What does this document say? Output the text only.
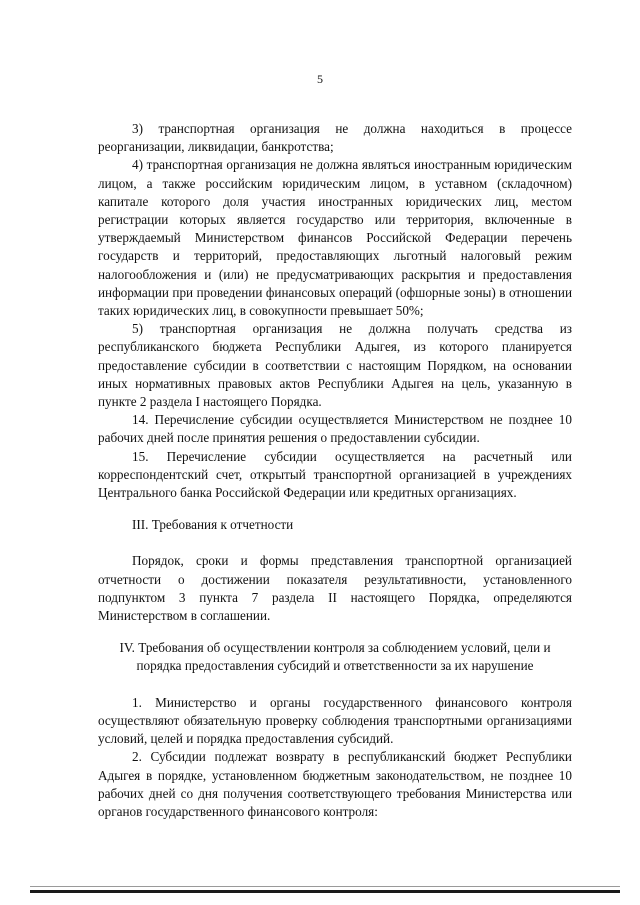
5

3) транспортная организация не должна находиться в процессе реорганизации, ликвидации, банкротства;

4) транспортная организация не должна являться иностранным юридическим лицом, а также российским юридическим лицом, в уставном (складочном) капитале которого доля участия иностранных юридических лиц, местом регистрации которых является государство или территория, включенные в утверждаемый Министерством финансов Российской Федерации перечень государств и территорий, предоставляющих льготный налоговый режим налогообложения и (или) не предусматривающих раскрытия и предоставления информации при проведении финансовых операций (офшорные зоны) в отношении таких юридических лиц, в совокупности превышает 50%;

5) транспортная организация не должна получать средства из республиканского бюджета Республики Адыгея, из которого планируется предоставление субсидии в соответствии с настоящим Порядком, на основании иных нормативных правовых актов Республики Адыгея на цель, указанную в пункте 2 раздела I настоящего Порядка.

14. Перечисление субсидии осуществляется Министерством не позднее 10 рабочих дней после принятия решения о предоставлении субсидии.

15. Перечисление субсидии осуществляется на расчетный или корреспондентский счет, открытый транспортной организацией в учреждениях Центрального банка Российской Федерации или кредитных организациях.

III. Требования к отчетности

Порядок, сроки и формы представления транспортной организацией отчетности о достижении показателя результативности, установленного подпунктом 3 пункта 7 раздела II настоящего Порядка, определяются Министерством в соглашении.

IV. Требования об осуществлении контроля за соблюдением условий, цели и
порядка предоставления субсидий и ответственности за их нарушение

1. Министерство и органы государственного финансового контроля осуществляют обязательную проверку соблюдения транспортными организациями условий, целей и порядка предоставления субсидий.

2. Субсидии подлежат возврату в республиканский бюджет Республики Адыгея в порядке, установленном бюджетным законодательством, не позднее 10 рабочих дней со дня получения соответствующего требования Министерства или органов государственного финансового контроля:
